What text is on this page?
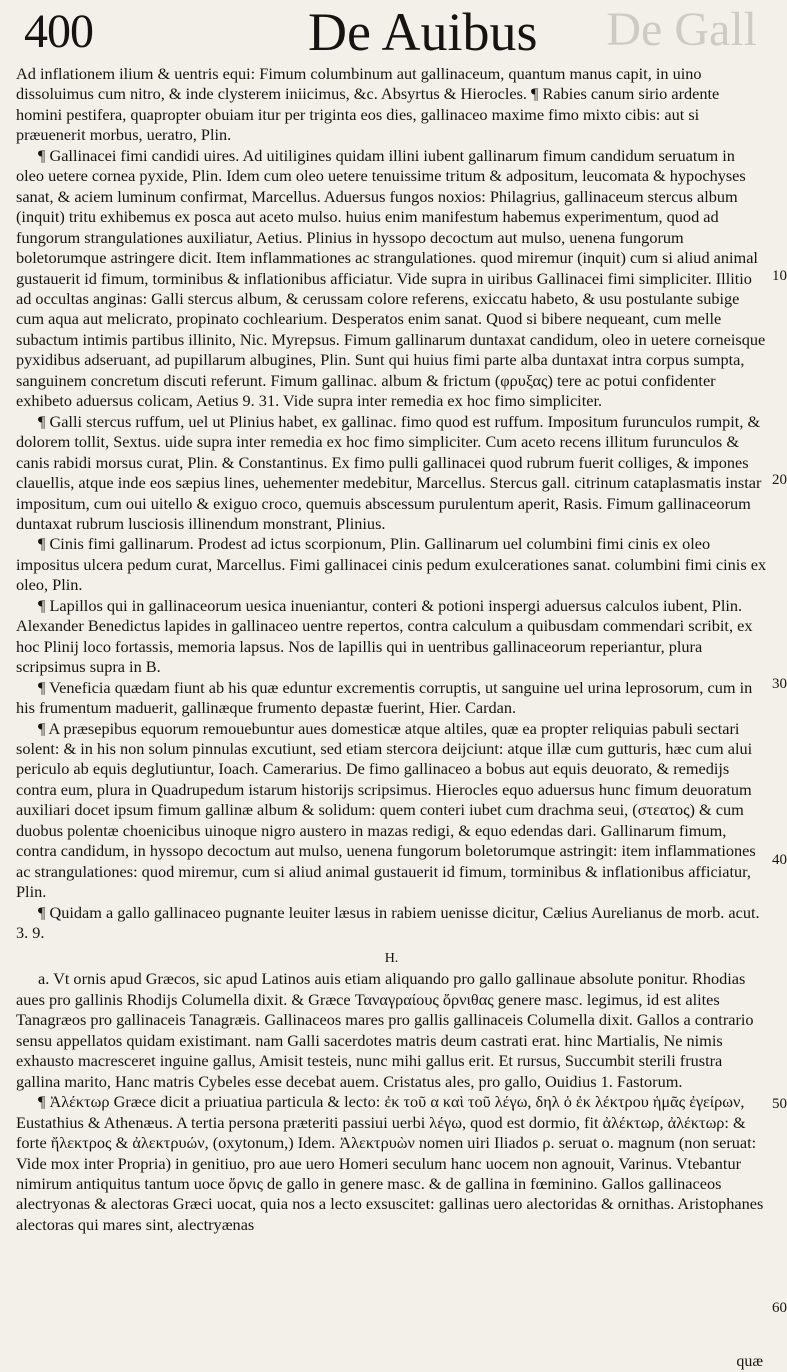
400	De Auibus De Gall
10
20
30
40
50
60

Ad inflationem ilium & uentris equi: Fimum columbinum aut gallinaceum, quantum manus capit, in uino dissoluimus cum nitro, & inde clysterem iniicimus, &c. Absyrtus & Hierocles. ¶ Rabies canum sirio ardente homini pestifera, quapropter obuiam itur per triginta eos dies, gallinaceo maxime fimo mixto cibis: aut si præuenerit morbus, ueratro, Plin.

¶ Gallinacei fimi candidi uires. Ad uitiligines quidam illini iubent gallinarum fimum candidum seruatum in oleo uetere cornea pyxide, Plin. Idem cum oleo uetere tenuissime tritum & adpositum, leucomata & hypochyses sanat, & aciem luminum confirmat, Marcellus. Aduersus fungos noxios: Philagrius, gallinaceum stercus album (inquit) tritu exhibemus ex posca aut aceto mulso. huius enim manifestum habemus experimentum, quod ad fungorum strangulationes auxiliatur, Aetius. Plinius in hyssopo decoctum aut mulso, uenena fungorum boletorumque astringere dicit. Item inflammationes ac strangulationes. quod miremur (inquit) cum si aliud animal gustauerit id fimum, torminibus & inflationibus afficiatur. Vide supra in uiribus Gallinacei fimi simpliciter. Illitio ad occultas anginas: Galli stercus album, & cerussam colore referens, exiccatu habeto, & usu postulante subige cum aqua aut melicrato, propinato cochlearium. Desperatos enim sanat. Quod si bibere nequeant, cum melle subactum intimis partibus illinito, Nic. Myrepsus. Fimum gallinarum duntaxat candidum, oleo in uetere corneisque pyxidibus adseruant, ad pupillarum albugines, Plin. Sunt qui huius fimi parte alba duntaxat intra corpus sumpta, sanguinem concretum discuti referunt. Fimum gallinac. album & frictum (φρυξας) tere ac potui confidenter exhibeto aduersus colicam, Aetius 9. 31. Vide supra inter remedia ex hoc fimo simpliciter.

¶ Galli stercus ruffum, uel ut Plinius habet, ex gallinac. fimo quod est ruffum. Impositum furunculos rumpit, & dolorem tollit, Sextus. uide supra inter remedia ex hoc fimo simpliciter. Cum aceto recens illitum furunculos & canis rabidi morsus curat, Plin. & Constantinus. Ex fimo pulli gallinacei quod rubrum fuerit colliges, & impones clauellis, atque inde eos sæpius lines, uehementer medebitur, Marcellus. Stercus gall. citrinum cataplasmatis instar impositum, cum oui uitello & exiguo croco, quemuis abscessum purulentum aperit, Rasis. Fimum gallinaceorum duntaxat rubrum lusciosis illinendum monstrant, Plinius.

¶ Cinis fimi gallinarum. Prodest ad ictus scorpionum, Plin. Gallinarum uel columbini fimi cinis ex oleo impositus ulcera pedum curat, Marcellus. Fimi gallinacei cinis pedum exulcerationes sanat. columbini fimi cinis ex oleo, Plin.

¶ Lapillos qui in gallinaceorum uesica inueniantur, conteri & potioni inspergi aduersus calculos iubent, Plin. Alexander Benedictus lapides in gallinaceo uentre repertos, contra calculum a quibusdam commendari scribit, ex hoc Plinij loco fortassis, memoria lapsus. Nos de lapillis qui in uentribus gallinaceorum reperiantur, plura scripsimus supra in B.

¶ Veneficia quædam fiunt ab his quæ eduntur excrementis corruptis, ut sanguine uel urina leprosorum, cum in his frumentum maduerit, gallinæque frumento depastæ fuerint, Hier. Cardan.

¶ A præsepibus equorum remouebuntur aues domesticæ atque altiles, quæ ea propter reliquias pabuli sectari solent: & in his non solum pinnulas excutiunt, sed etiam stercora deijciunt: atque illæ cum gutturis, hæc cum alui periculo ab equis deglutiuntur, Ioach. Camerarius. De fimo gallinaceo a bobus aut equis deuorato, & remedijs contra eum, plura in Quadrupedum istarum historijs scripsimus. Hierocles equo aduersus hunc fimum deuoratum auxiliari docet ipsum fimum gallinæ album & solidum: quem conteri iubet cum drachma seui, (στεατος) & cum duobus polentæ choenicibus uinoque nigro austero in mazas redigi, & equo edendas dari. Gallinarum fimum, contra candidum, in hyssopo decoctum aut mulso, uenena fungorum boletorumque astringit: item inflammationes ac strangulationes: quod miremur, cum si aliud animal gustauerit id fimum, torminibus & inflationibus afficiatur, Plin.

¶ Quidam a gallo gallinaceo pugnante leuiter læsus in rabiem uenisse dicitur, Cælius Aurelianus de morb. acut. 3. 9.

H.

a. Vt ornis apud Græcos, sic apud Latinos auis etiam aliquando pro gallo gallinaue absolute ponitur. Rhodias aues pro gallinis Rhodijs Columella dixit. & Græce Ταναγραίους ὄρνιθας genere masc. legimus, id est alites Tanagræos pro gallinaceis Tanagræis. Gallinaceos mares pro gallis gallinaceis Columella dixit. Gallos a contrario sensu appellatos quidam existimant. nam Galli sacerdotes matris deum castrati erat. hinc Martialis, Ne nimis exhausto macresceret inguine gallus, Amisit testeis, nunc mihi gallus erit. Et rursus, Succumbit sterili frustra gallina marito, Hanc matris Cybeles esse decebat auem. Cristatus ales, pro gallo, Ouidius 1. Fastorum.

¶ Ἀλέκτωρ Græce dicit a priuatiua particula & lecto: ἐκ τοῦ α καὶ τοῦ λέγω, δηλ ὁ ἐκ λέκτρου ἡμᾶς ἐγείρων, Eustathius & Athenæus. A tertia persona præteriti passiui uerbi λέγω, quod est dormio, fit ἀλέκτωρ, ἀλέκτωρ: & forte ἤλεκτρος & ἀλεκτρυών, (oxytonum,) Idem. Ἀλεκτρυὼν nomen uiri Iliados ρ. seruat o. magnum (non seruat: Vide mox inter Propria) in genitiuo, pro aue uero Homeri seculum hanc uocem non agnouit, Varinus. Vtebantur nimirum antiquitus tantum uoce ὄρνις de gallo in genere masc. & de gallina in fœminino. Gallos gallinaceos alectryonas & alectoras Græci uocat, quia nos a lecto exsuscitet: gallinas uero alectoridas & ornithas. Aristophanes alectoras qui mares sint, alectryænas

quæ
